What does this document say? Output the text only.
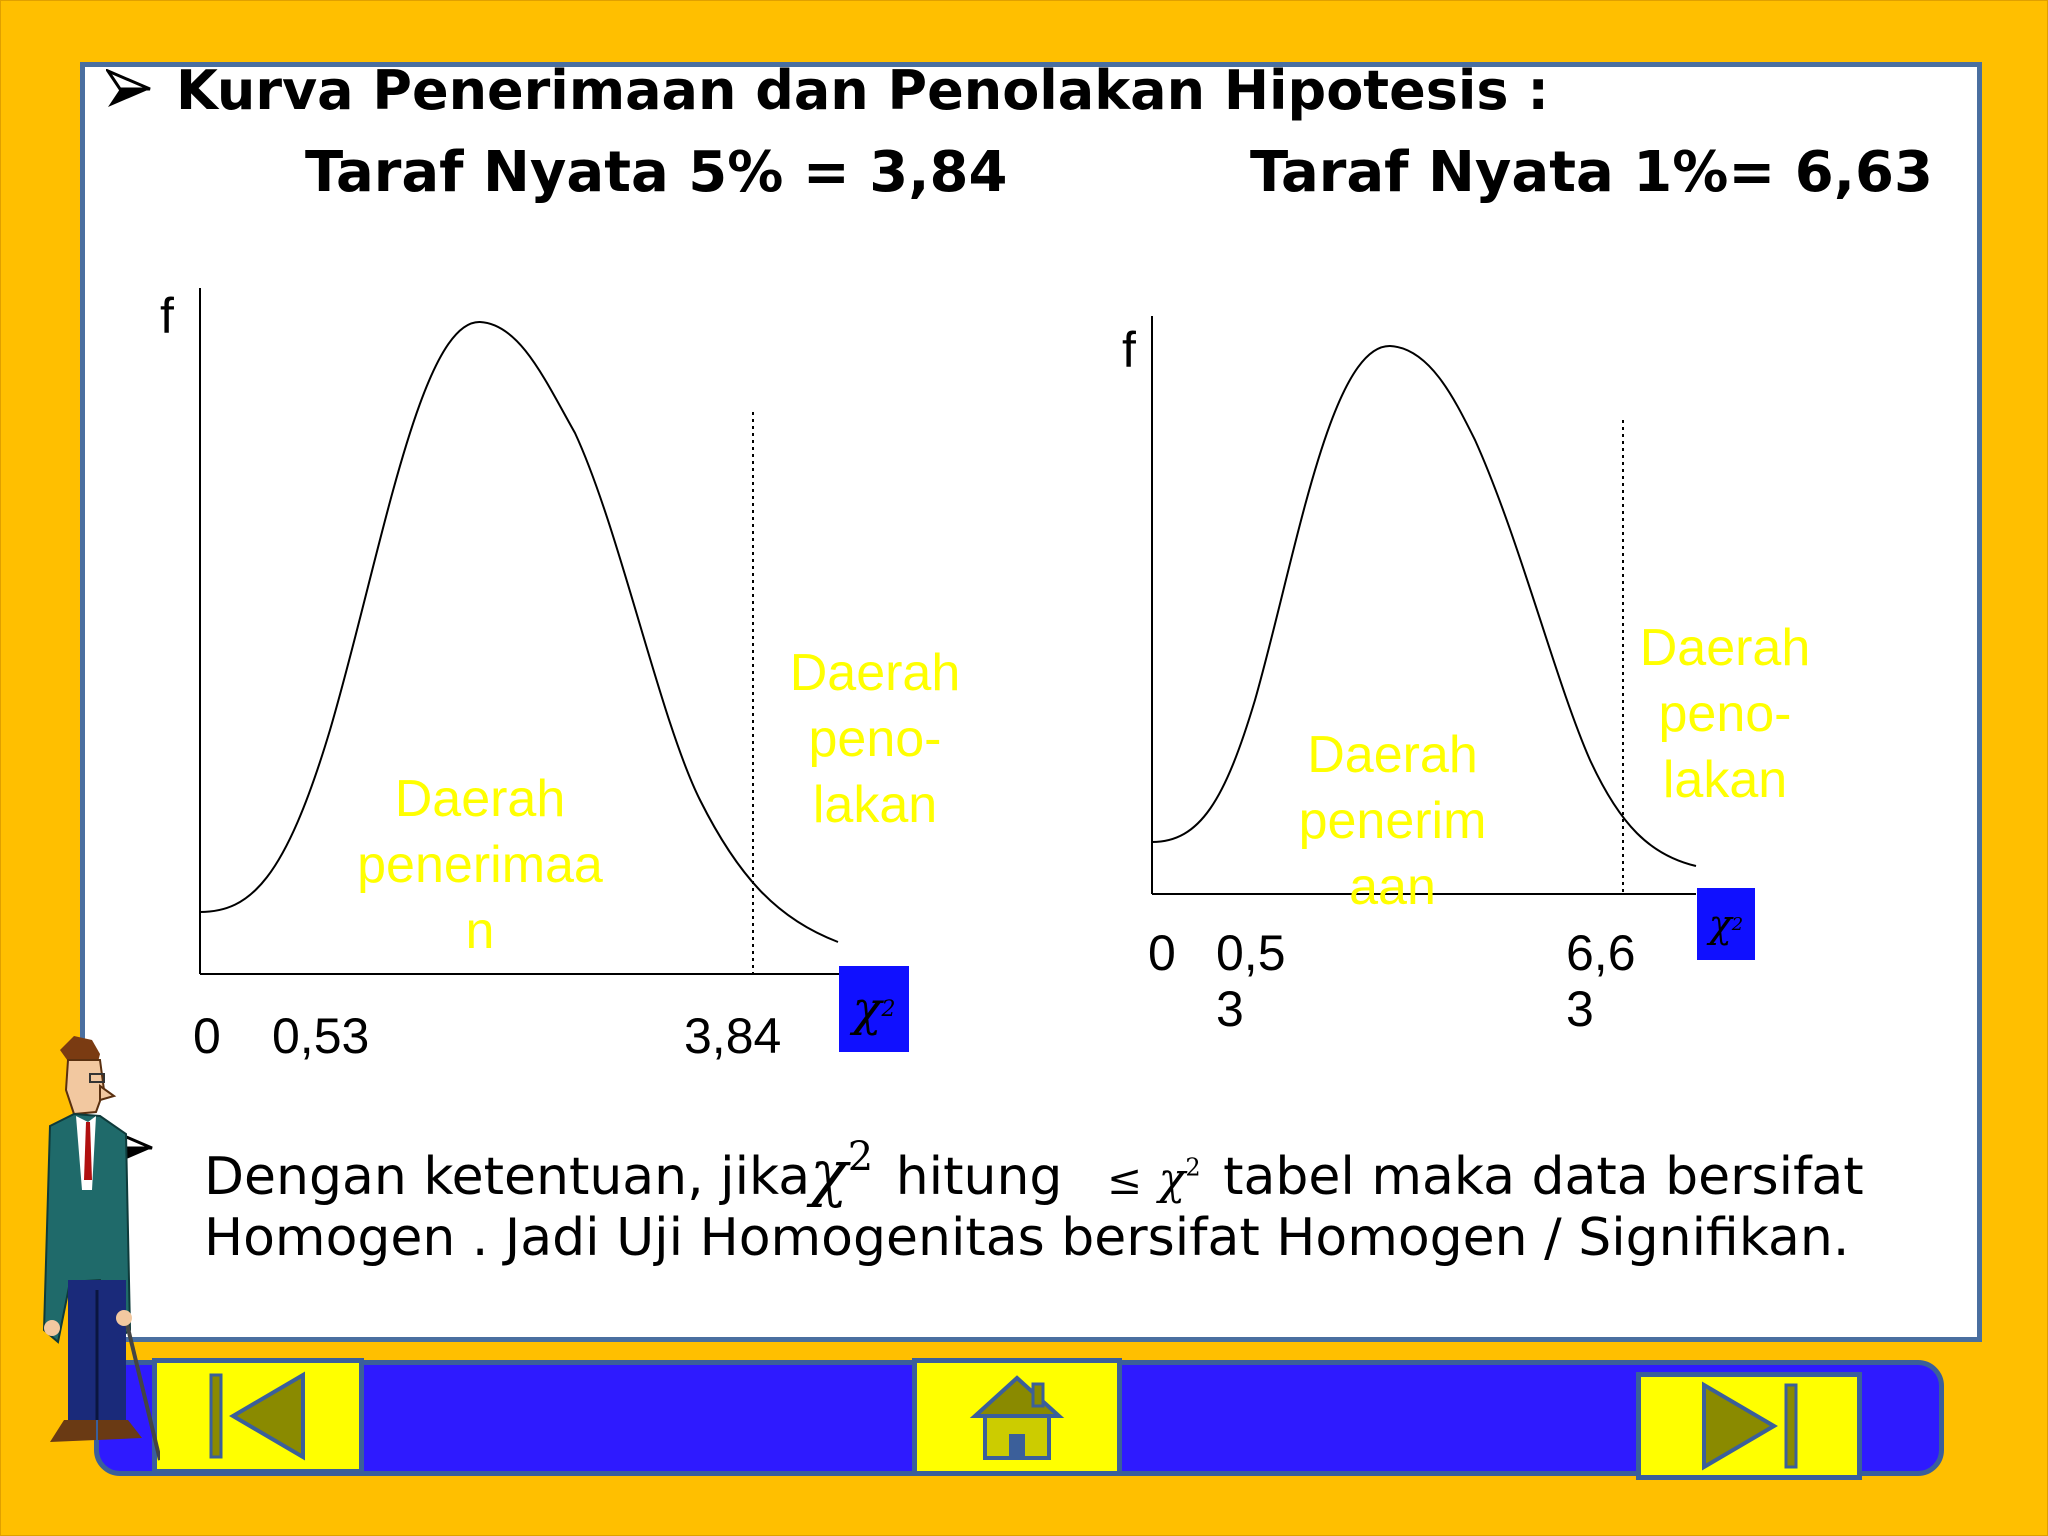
Kurva Penerimaan dan Penolakan Hipotesis :
Taraf Nyata 5% = 3,84	Taraf Nyata 1%= 6,63
f
0 0,53	3,84
Daerah
penerimaa
n
Daerah
peno-
lakan
χ 2
f
0 0,5
3
6,6
3
Daerah
penerim
aan
Daerah
peno-
lakan
χ 2
Dengan ketentuan, jikaχ$^2$ hitung ≤ $\chi^2$ tabel maka data bersifat
Homogen . Jadi Uji Homogenitas bersifat Homogen / Signifikan.
